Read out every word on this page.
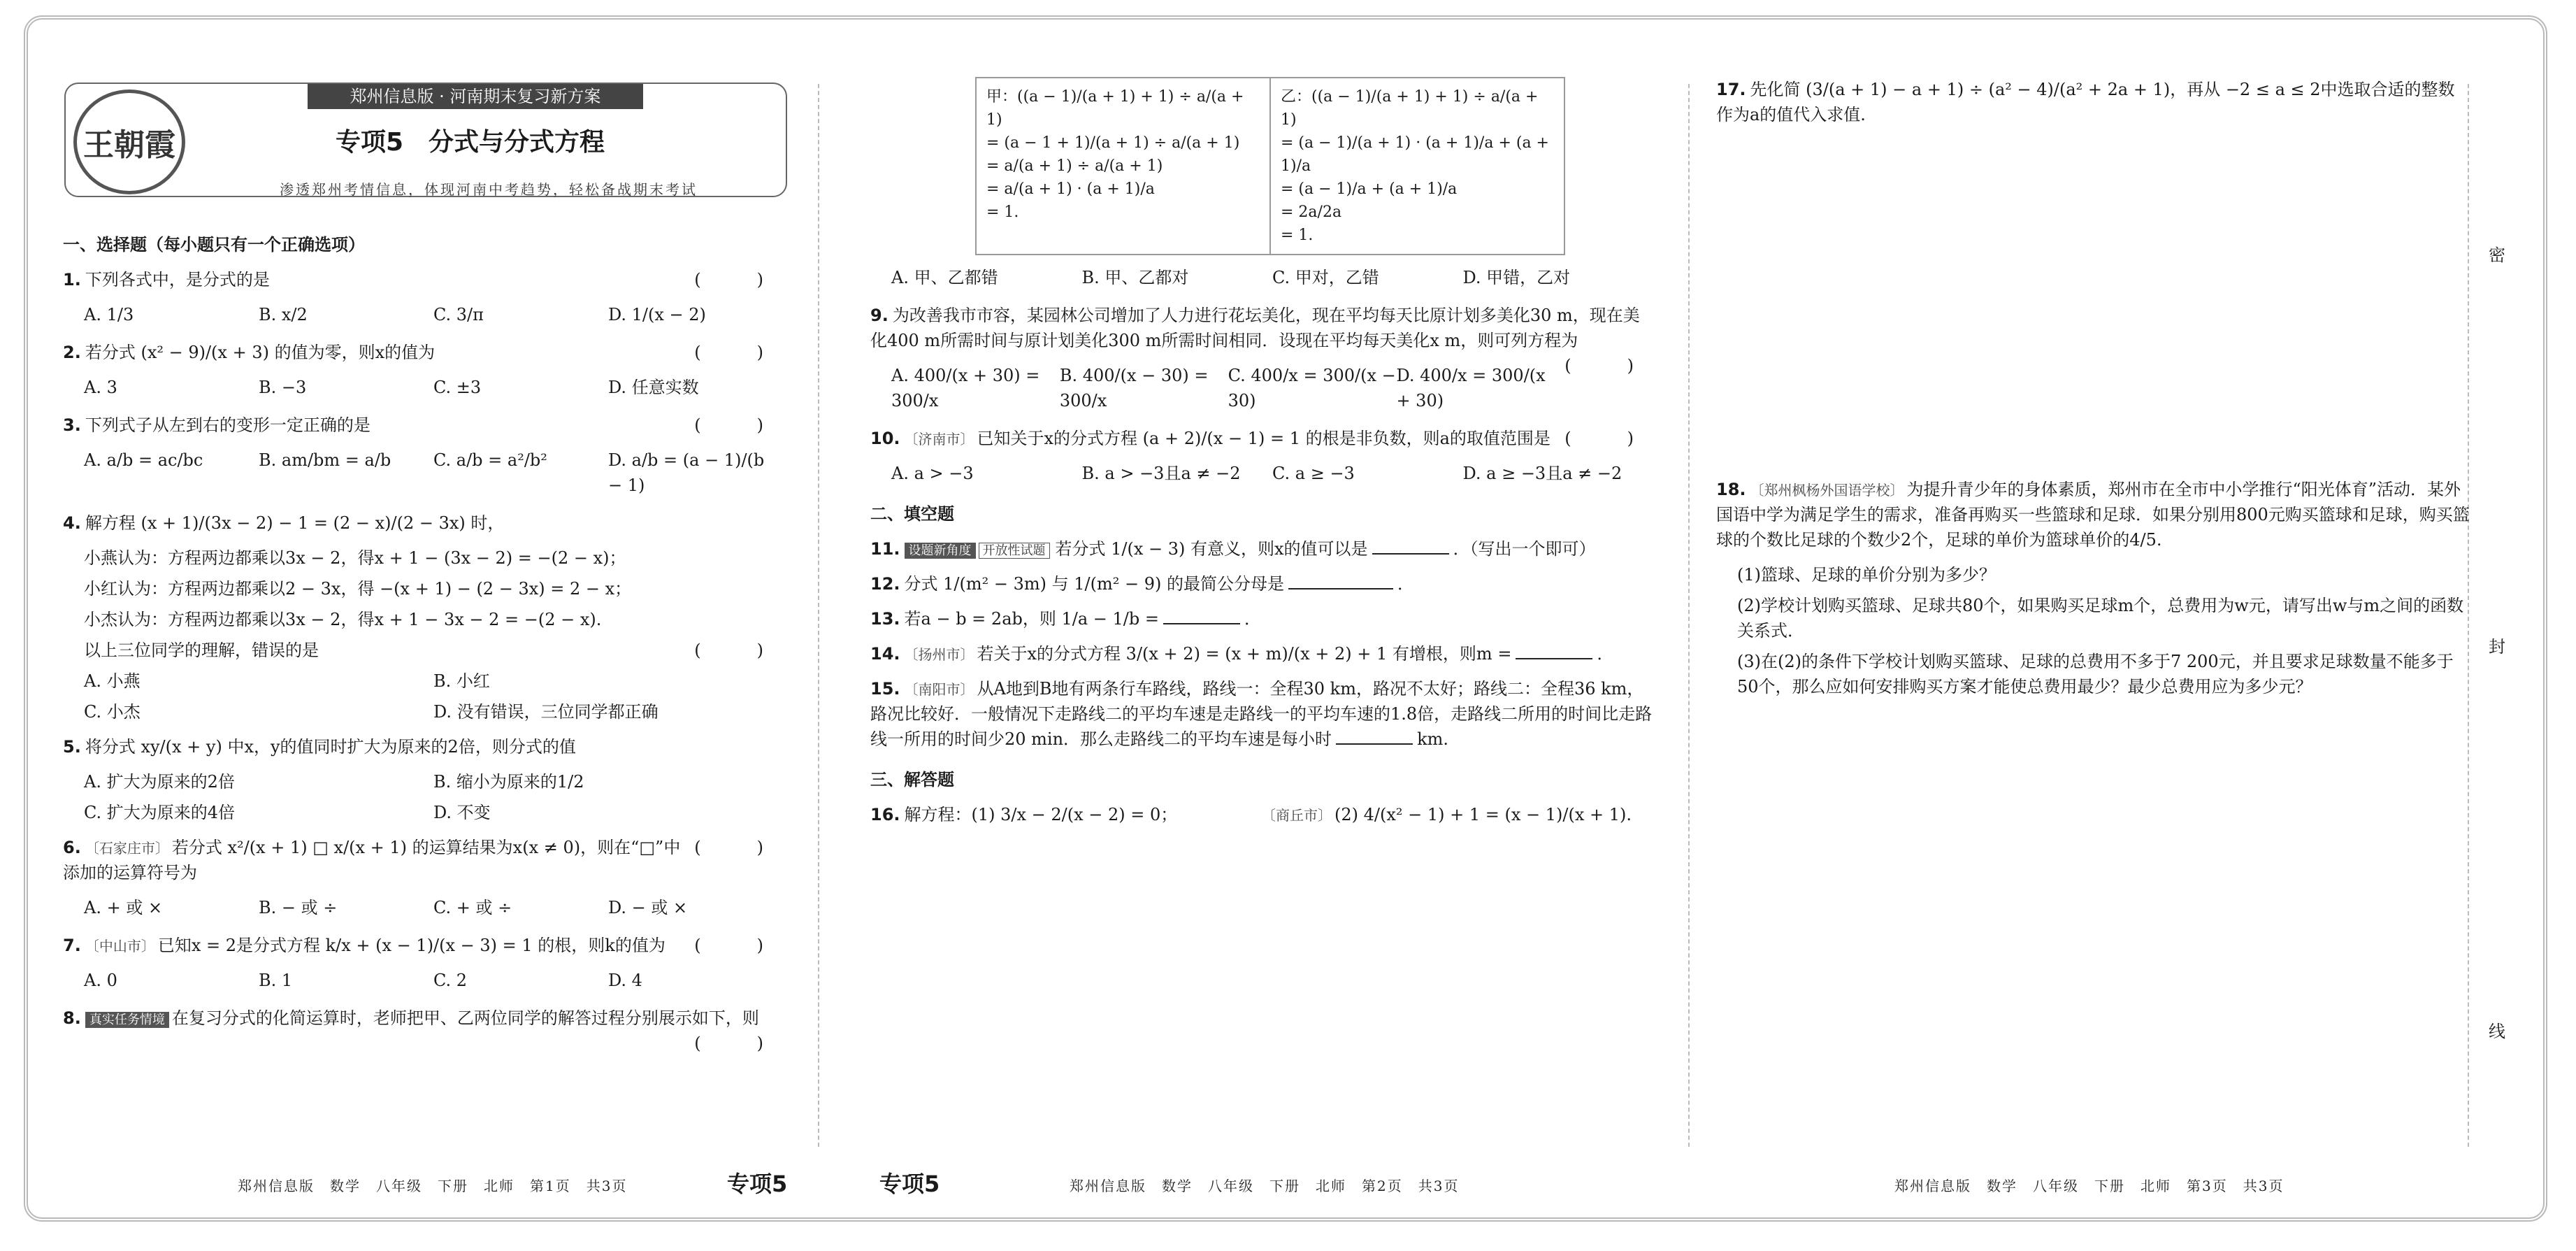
王朝霞
郑州信息版 · 河南期末复习新方案
专项5　分式与分式方程
渗透郑州考情信息，体现河南中考趋势，轻松备战期末考试
一、选择题（每小题只有一个正确选项）
(　)
1. 下列各式中，是分式的是
A. 1/3	B. x/2	C. 3/π	D. 1/(x − 2)
(　)
2. 若分式 (x² − 9)/(x + 3) 的值为零，则x的值为
A. 3	B. −3	C. ±3	D. 任意实数
(　)
3. 下列式子从左到右的变形一定正确的是
A. a/b = ac/bc	B. am/bm = a/b	C. a/b = a²/b²	D. a/b = (a − 1)/(b − 1)
4. 解方程 (x + 1)/(3x − 2) − 1 = (2 − x)/(2 − 3x) 时，
小燕认为：方程两边都乘以3x − 2，得x + 1 − (3x − 2) = −(2 − x)；
小红认为：方程两边都乘以2 − 3x，得 −(x + 1) − (2 − 3x) = 2 − x；
小杰认为：方程两边都乘以3x − 2，得x + 1 − 3x − 2 = −(2 − x).
(　)
以上三位同学的理解，错误的是
A. 小燕	B. 小红
C. 小杰	D. 没有错误，三位同学都正确
5. 将分式 xy/(x + y) 中x，y的值同时扩大为原来的2倍，则分式的值
A. 扩大为原来的2倍	B. 缩小为原来的1/2
C. 扩大为原来的4倍	D. 不变
(　)
6. 〔石家庄市〕 若分式 x²/(x + 1) □ x/(x + 1) 的运算结果为x(x ≠ 0)，则在“□”中添加的运算符号为
A. + 或 ×	B. − 或 ÷	C. + 或 ÷	D. − 或 ×
(　)
7. 〔中山市〕 已知x = 2是分式方程 k/x + (x − 1)/(x − 3) = 1 的根，则k的值为
A. 0	B. 1	C. 2	D. 4
8. 真实任务情境 在复习分式的化简运算时，老师把甲、乙两位同学的解答过程分别展示如下，则
(　)
甲：((a − 1)/(a + 1) + 1) ÷ a/(a + 1)
= (a − 1 + 1)/(a + 1) ÷ a/(a + 1)
= a/(a + 1) ÷ a/(a + 1)
= a/(a + 1) · (a + 1)/a
= 1.
乙：((a − 1)/(a + 1) + 1) ÷ a/(a + 1)
= (a − 1)/(a + 1) · (a + 1)/a + (a + 1)/a
= (a − 1)/a + (a + 1)/a
= 2a/2a
= 1.
A. 甲、乙都错	B. 甲、乙都对	C. 甲对，乙错	D. 甲错，乙对
9. 为改善我市市容，某园林公司增加了人力进行花坛美化，现在平均每天比原计划多美化30 m，现在美化400 m所需时间与原计划美化300 m所需时间相同．设现在平均每天美化x m，则可列方程为
(　)
A. 400/(x + 30) = 300/x
B. 400/(x − 30) = 300/x
C. 400/x = 300/(x − 30)
D. 400/x = 300/(x + 30)
(　)
10. 〔济南市〕 已知关于x的分式方程 (a + 2)/(x − 1) = 1 的根是非负数，则a的取值范围是
A. a > −3	B. a > −3且a ≠ −2	C. a ≥ −3	D. a ≥ −3且a ≠ −2
二、填空题
11. 设题新角度 开放性试题 若分式 1/(x − 3) 有意义，则x的值可以是	．（写出一个即可）
12. 分式 1/(m² − 3m) 与 1/(m² − 9) 的最简公分母是	．
13. 若a − b = 2ab，则 1/a − 1/b =	．
14. 〔扬州市〕 若关于x的分式方程 3/(x + 2) = (x + m)/(x + 2) + 1 有增根，则m =	．
15. 〔南阳市〕 从A地到B地有两条行车路线，路线一：全程30 km，路况不太好；路线二：全程36 km，路况比较好．一般情况下走路线二的平均车速是走路线一的平均车速的1.8倍，走路线二所用的时间比走路线一所用的时间少20 min．那么走路线二的平均车速是每小时	km.
三、解答题
16. 解方程：(1) 3/x − 2/(x − 2) = 0；	〔商丘市〕 (2) 4/(x² − 1) + 1 = (x − 1)/(x + 1).
17. 先化简 (3/(a + 1) − a + 1) ÷ (a² − 4)/(a² + 2a + 1)，再从 −2 ≤ a ≤ 2中选取合适的整数作为a的值代入求值.
18. 〔郑州枫杨外国语学校〕 为提升青少年的身体素质，郑州市在全市中小学推行“阳光体育”活动．某外国语中学为满足学生的需求，准备再购买一些篮球和足球．如果分别用800元购买篮球和足球，购买篮球的个数比足球的个数少2个，足球的单价为篮球单价的4/5.
(1)篮球、足球的单价分别为多少？
(2)学校计划购买篮球、足球共80个，如果购买足球m个，总费用为w元，请写出w与m之间的函数关系式．
(3)在(2)的条件下学校计划购买篮球、足球的总费用不多于7 200元，并且要求足球数量不能多于50个，那么应如何安排购买方案才能使总费用最少？最少总费用应为多少元？
密
封
线
郑州信息版　数学　八年级　下册　北师　第1页　共3页	专项5	专项5	郑州信息版　数学　八年级　下册　北师　第2页　共3页	郑州信息版　数学　八年级　下册　北师　第3页　共3页
